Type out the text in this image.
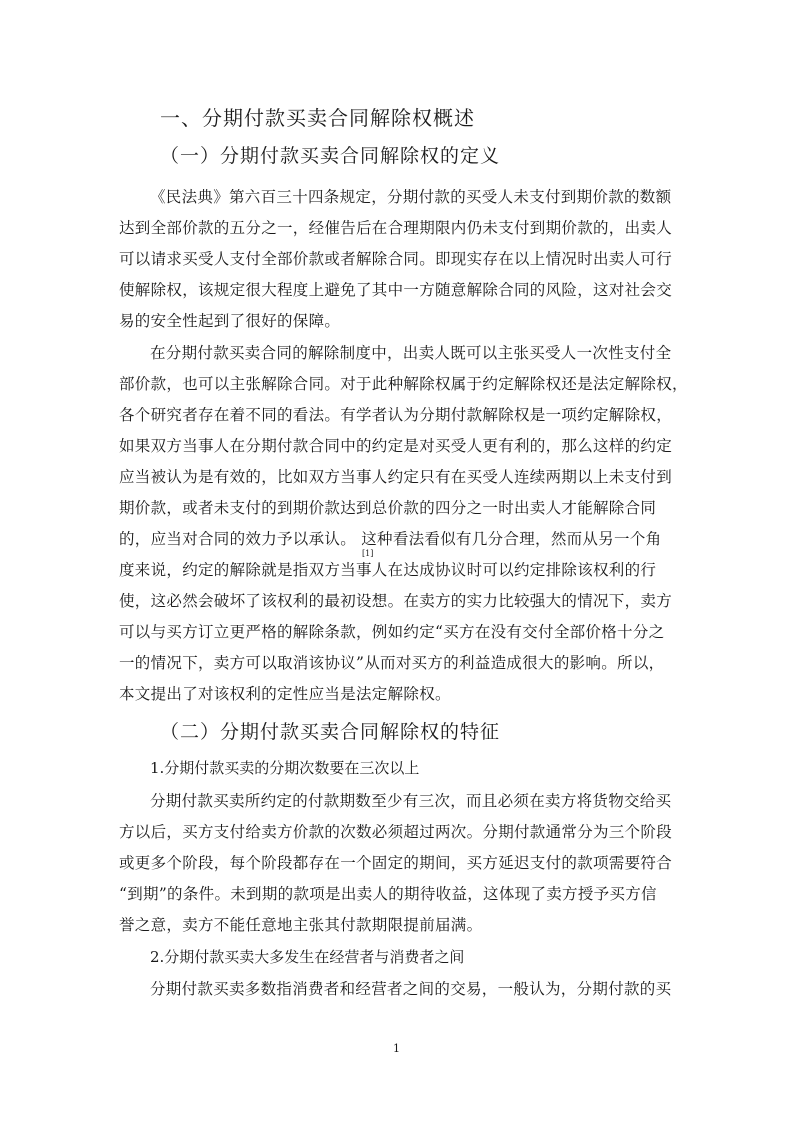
一、分期付款买卖合同解除权概述
（一）分期付款买卖合同解除权的定义
《民法典》第六百三十四条规定，分期付款的买受人未支付到期价款的数额
达到全部价款的五分之一，经催告后在合理期限内仍未支付到期价款的，出卖人
可以请求买受人支付全部价款或者解除合同。即现实存在以上情况时出卖人可行
使解除权，该规定很大程度上避免了其中一方随意解除合同的风险，这对社会交
易的安全性起到了很好的保障。
在分期付款买卖合同的解除制度中，出卖人既可以主张买受人一次性支付全
部价款，也可以主张解除合同。对于此种解除权属于约定解除权还是法定解除权，
各个研究者存在着不同的看法。有学者认为分期付款解除权是一项约定解除权，
如果双方当事人在分期付款合同中的约定是对买受人更有利的，那么这样的约定
应当被认为是有效的，比如双方当事人约定只有在买受人连续两期以上未支付到
期价款，或者未支付的到期价款达到总价款的四分之一时出卖人才能解除合同
的，应当对合同的效力予以承认。 这种看法看似有几分合理，然而从另一个角
[1]
度来说，约定的解除就是指双方当事人在达成协议时可以约定排除该权利的行
使，这必然会破坏了该权利的最初设想。在卖方的实力比较强大的情况下，卖方
可以与买方订立更严格的解除条款，例如约定“买方在没有交付全部价格十分之
一的情况下，卖方可以取消该协议”从而对买方的利益造成很大的影响。所以，
本文提出了对该权利的定性应当是法定解除权。
（二）分期付款买卖合同解除权的特征
1.分期付款买卖的分期次数要在三次以上
分期付款买卖所约定的付款期数至少有三次，而且必须在卖方将货物交给买
方以后，买方支付给卖方价款的次数必须超过两次。分期付款通常分为三个阶段
或更多个阶段，每个阶段都存在一个固定的期间，买方延迟支付的款项需要符合
“到期”的条件。未到期的款项是出卖人的期待收益，这体现了卖方授予买方信
誉之意，卖方不能任意地主张其付款期限提前届满。
2.分期付款买卖大多发生在经营者与消费者之间
分期付款买卖多数指消费者和经营者之间的交易，一般认为，分期付款的买
1
